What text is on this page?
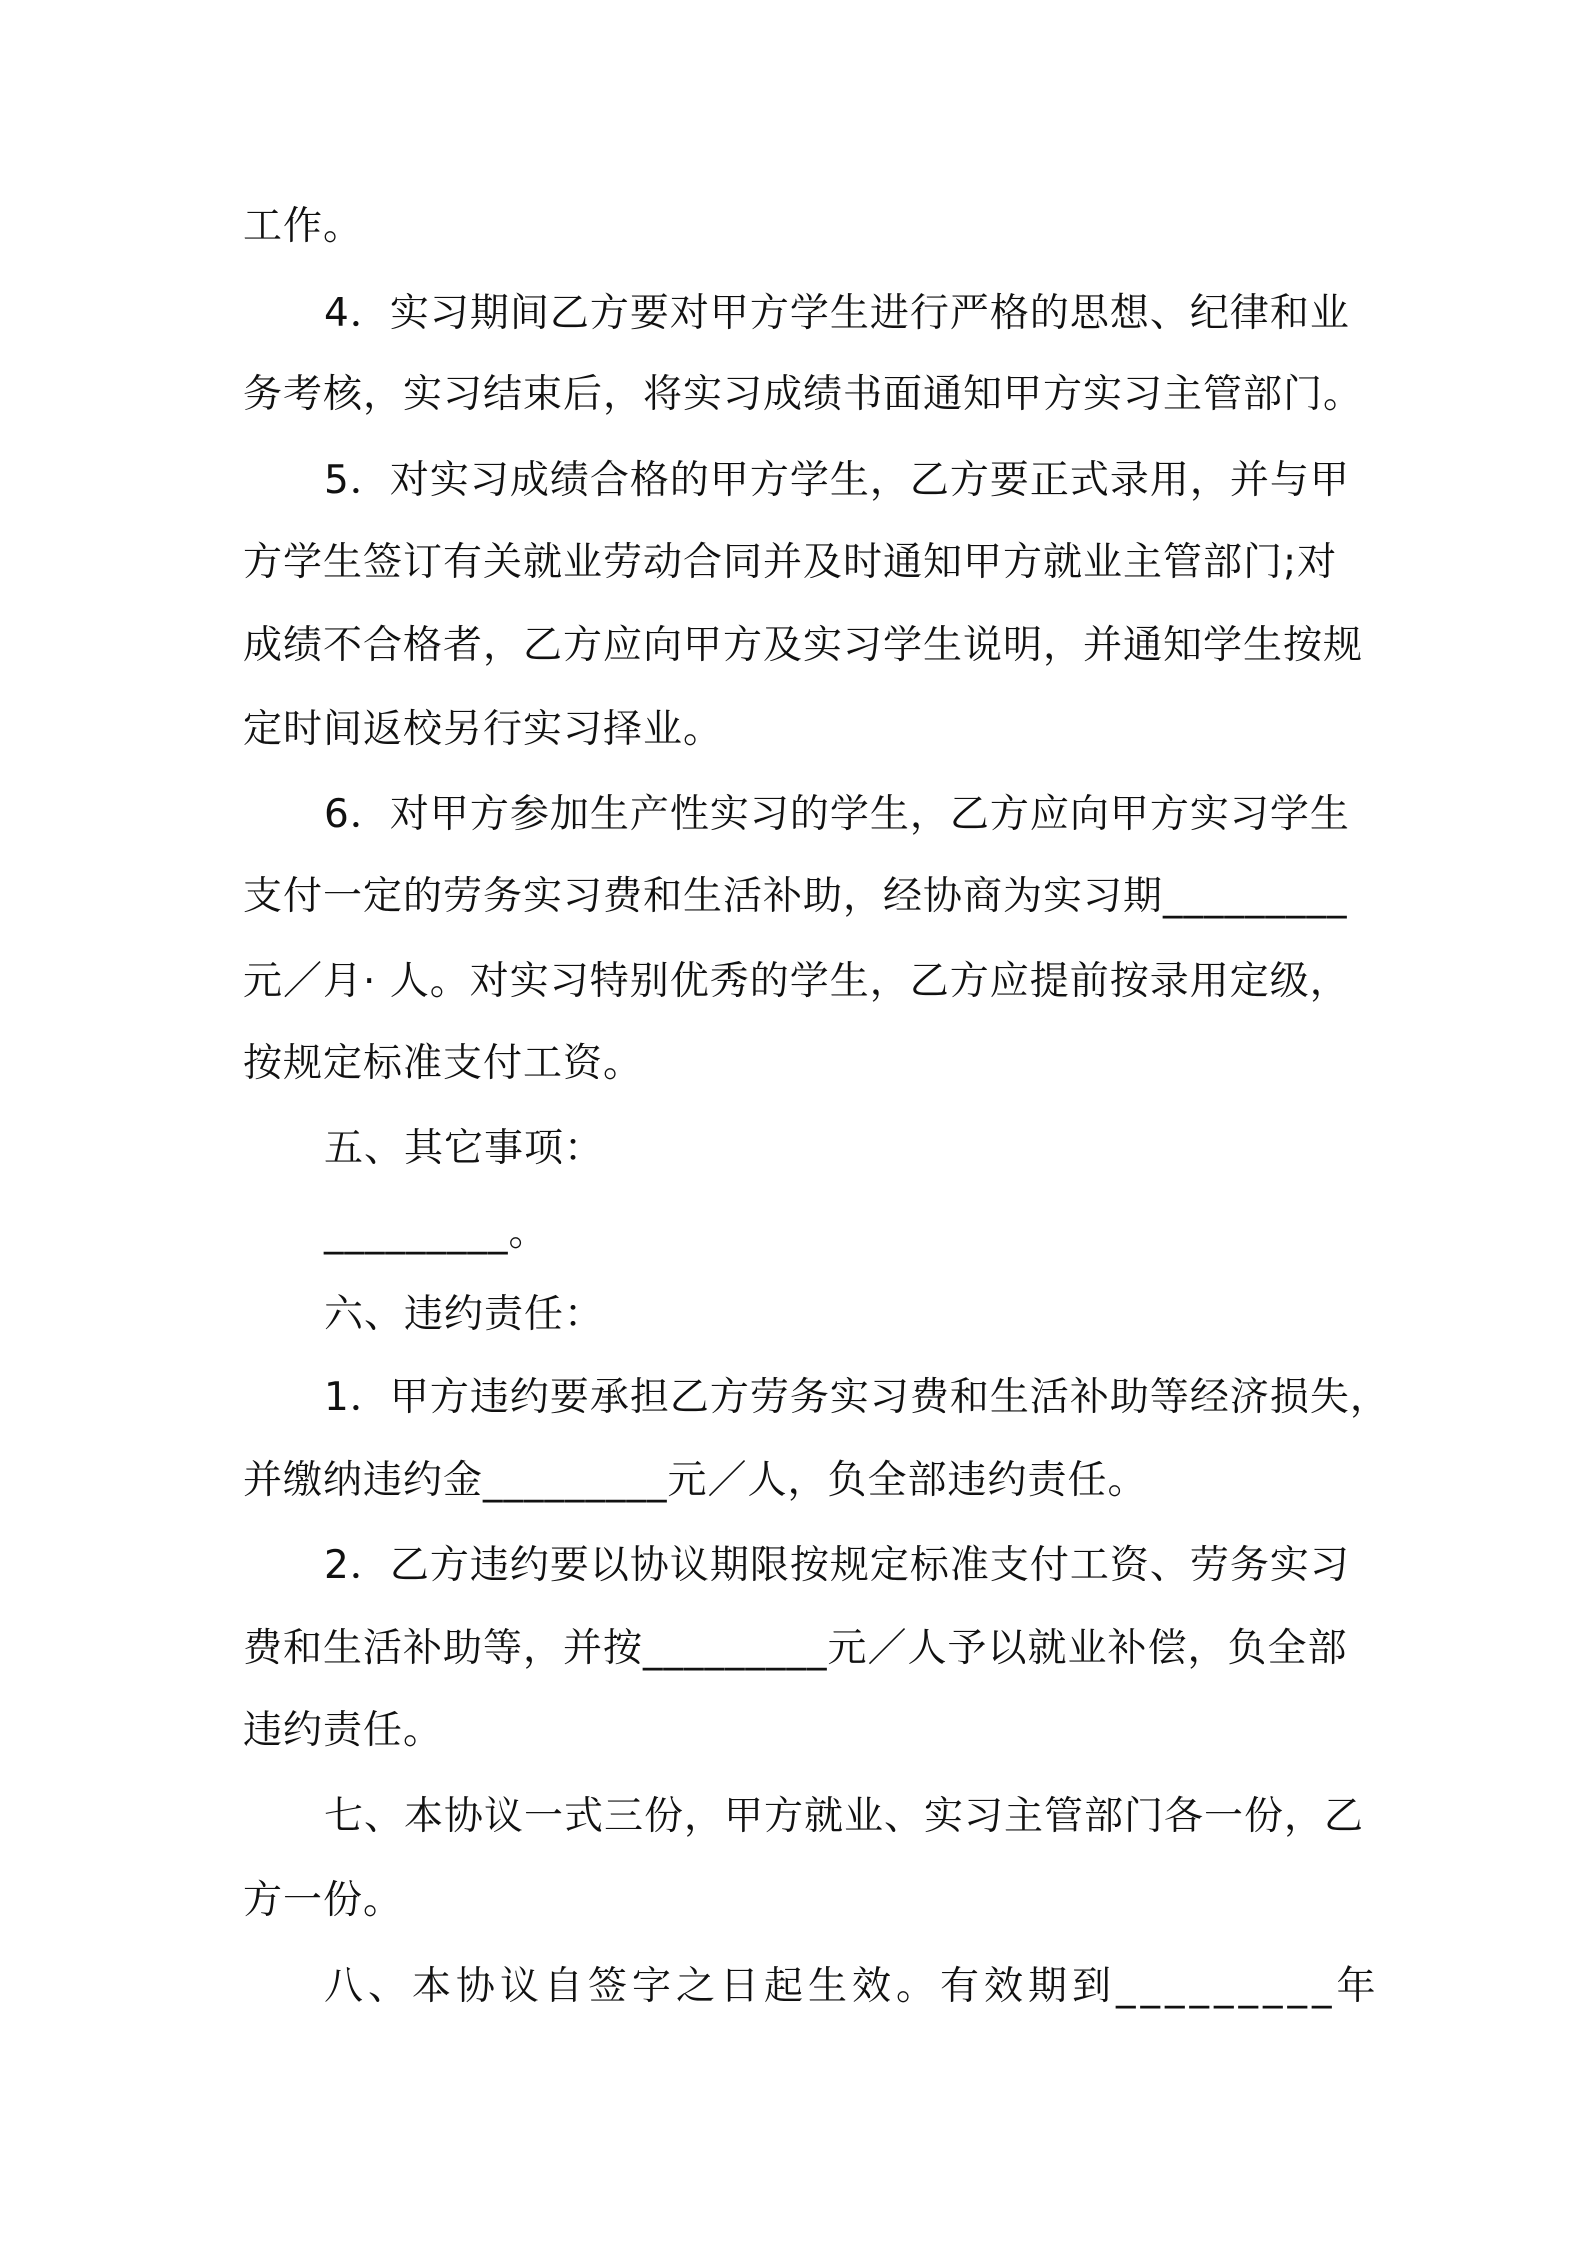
工作。
4．实习期间乙方要对甲方学生进行严格的思想、纪律和业
务考核，实习结束后，将实习成绩书面通知甲方实习主管部门。
5．对实习成绩合格的甲方学生，乙方要正式录用，并与甲
方学生签订有关就业劳动合同并及时通知甲方就业主管部门;对
成绩不合格者，乙方应向甲方及实习学生说明，并通知学生按规
定时间返校另行实习择业。
6．对甲方参加生产性实习的学生，乙方应向甲方实习学生
支付一定的劳务实习费和生活补助，经协商为实习期_________
元／月· 人。对实习特别优秀的学生，乙方应提前按录用定级，
按规定标准支付工资。
五、其它事项：
_________。
六、违约责任：
1．甲方违约要承担乙方劳务实习费和生活补助等经济损失，
并缴纳违约金_________元／人，负全部违约责任。
2．乙方违约要以协议期限按规定标准支付工资、劳务实习
费和生活补助等，并按_________元／人予以就业补偿，负全部
违约责任。
七、本协议一式三份，甲方就业、实习主管部门各一份，乙
方一份。
八、本协议自签字之日起生效。有效期到_________年
